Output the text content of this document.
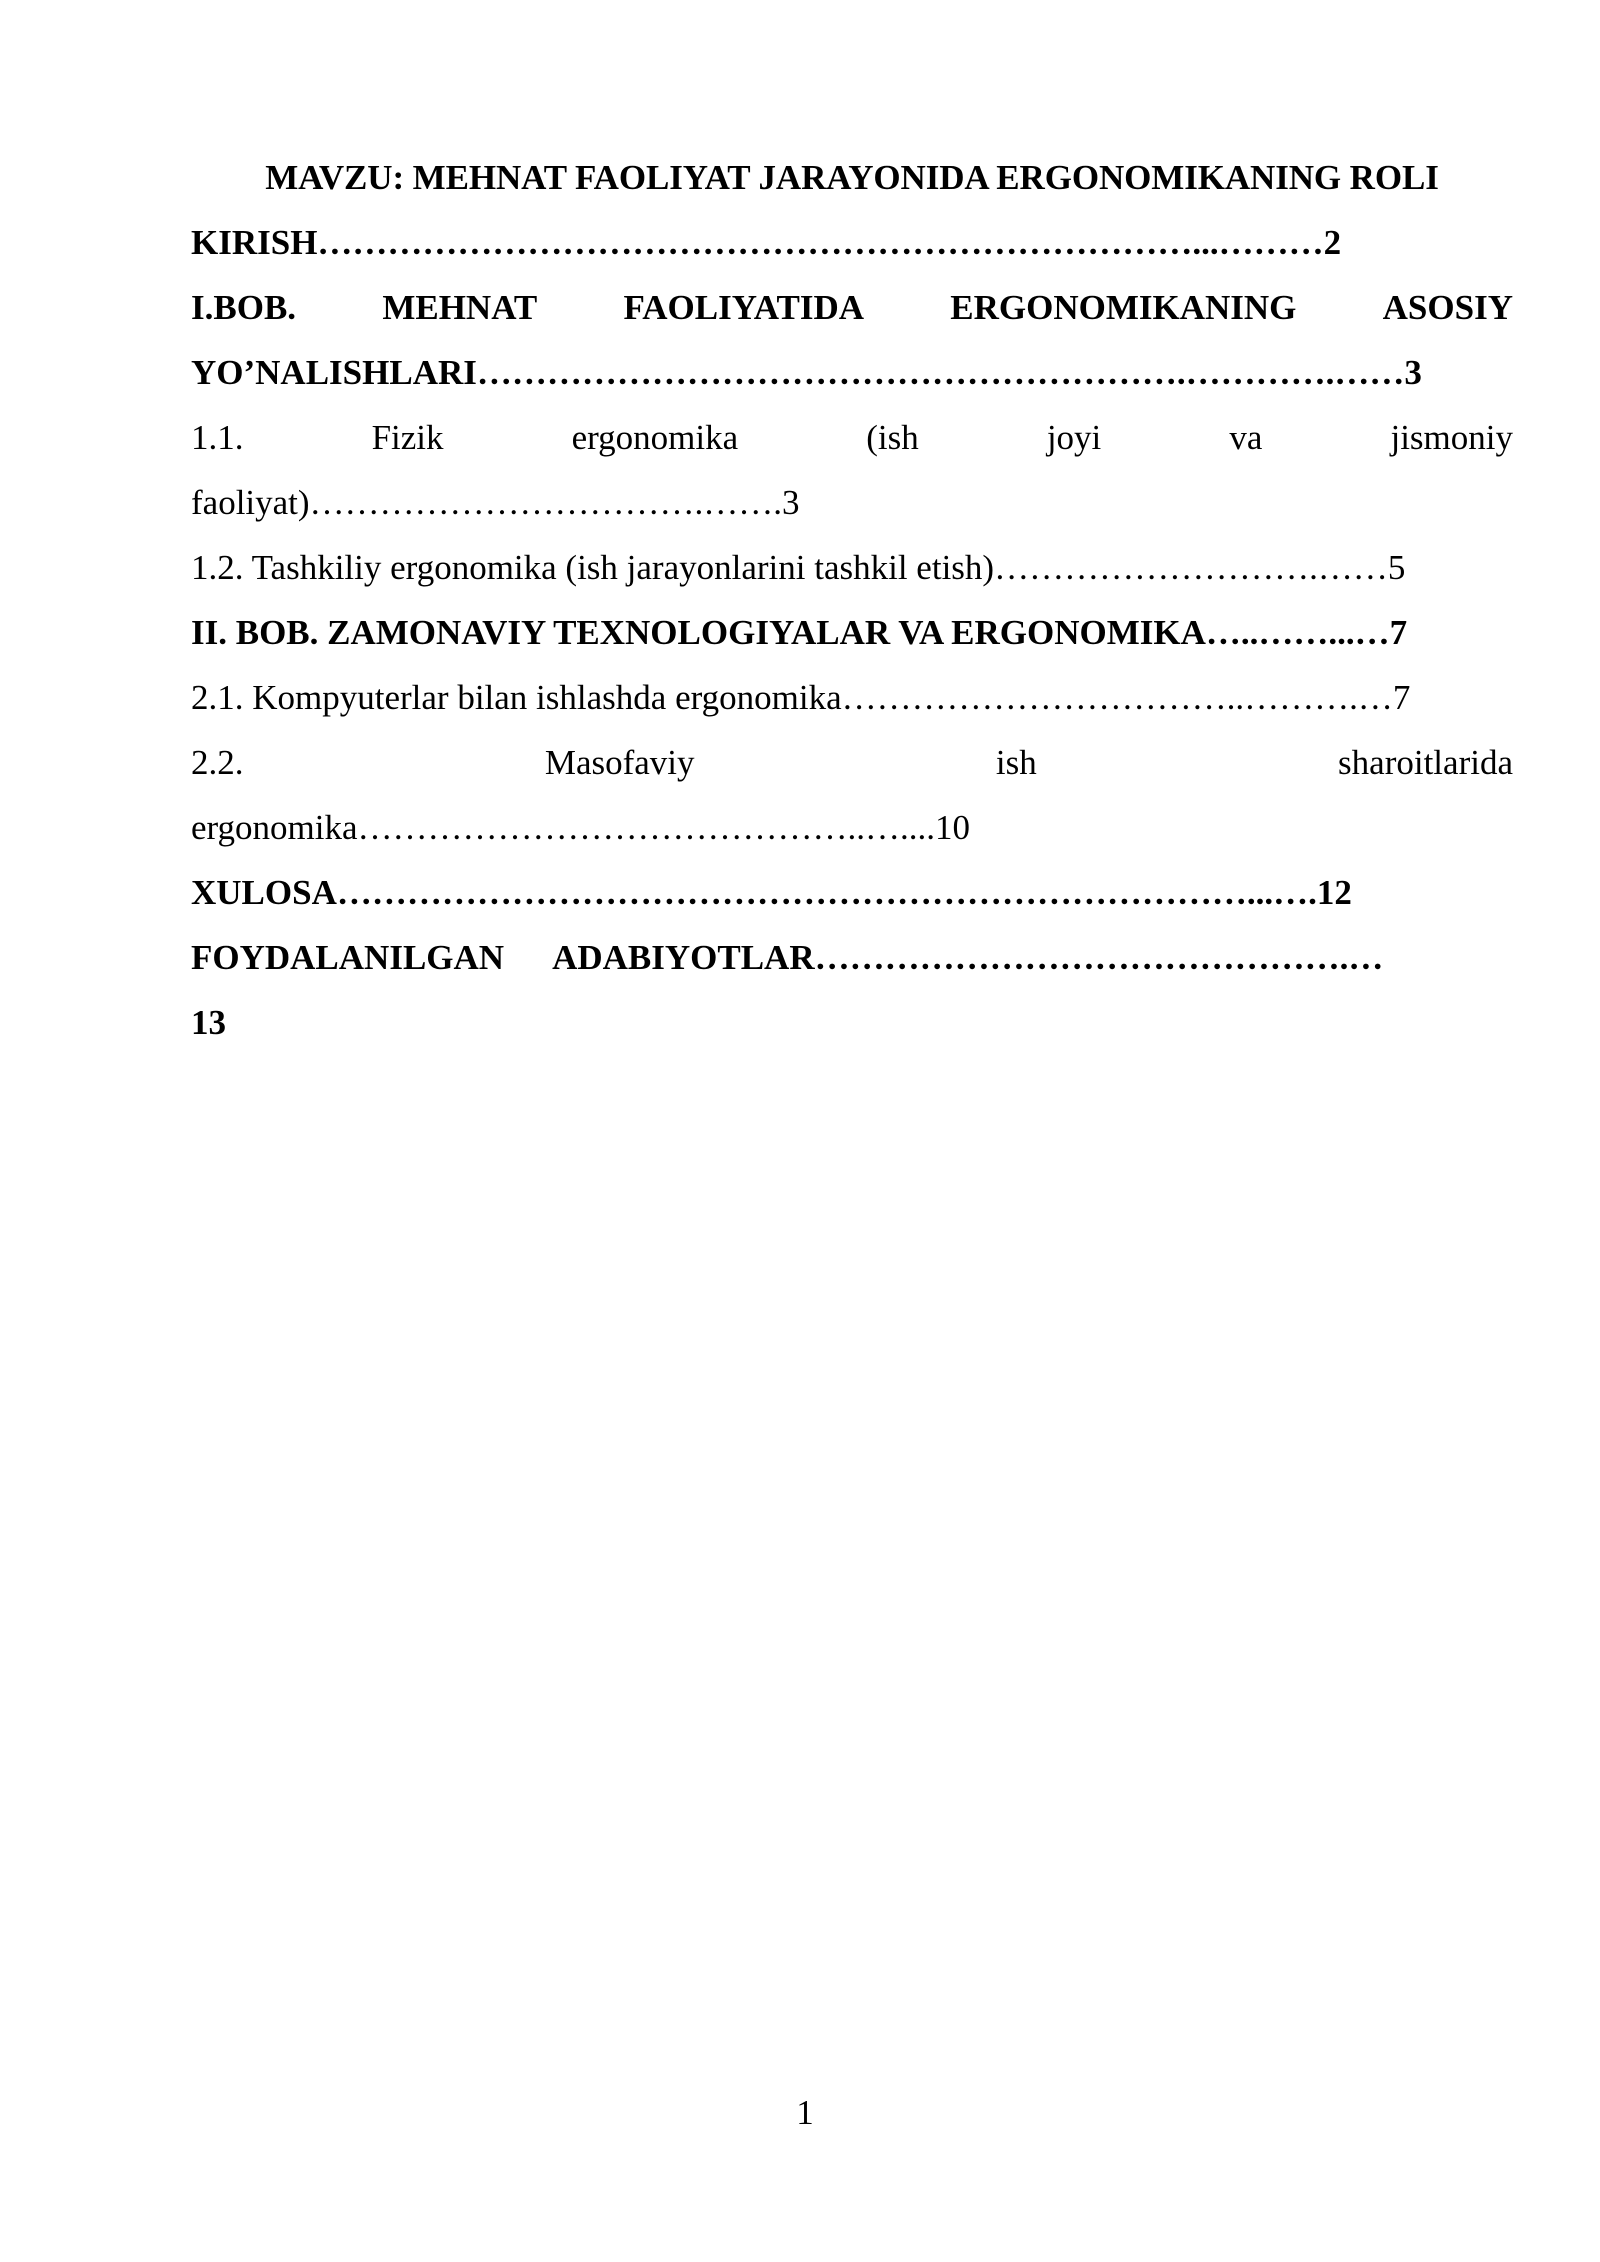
MAVZU: MEHNAT FAOLIYAT JARAYONIDA ERGONOMIKANING ROLI
KIRISH…………………………………………………………………...………2
I.BOB. MEHNAT FAOLIYATIDA ERGONOMIKANING ASOSIY
YO’NALISHLARI…………………………………………………….………….……3
1.1.	Fizik	ergonomika	(ish	joyi	va	jismoniy
faoliyat)…………………………….…….3
1.2. Tashkiliy ergonomika (ish jarayonlarini tashkil etish)……………………….……5
II. BOB. ZAMONAVIY TEXNOLOGIYALAR VA ERGONOMIKA…..……...…7
2.1. Kompyuterlar bilan ishlashda ergonomika……………………………..……….…7
2.2.	Masofaviy	ish	sharoitlarida
ergonomika……………………………………..…....10
XULOSA……………………………………………………………………...….12
FOYDALANILGAN ADABIYOTLAR……………………………………….…
13
1
